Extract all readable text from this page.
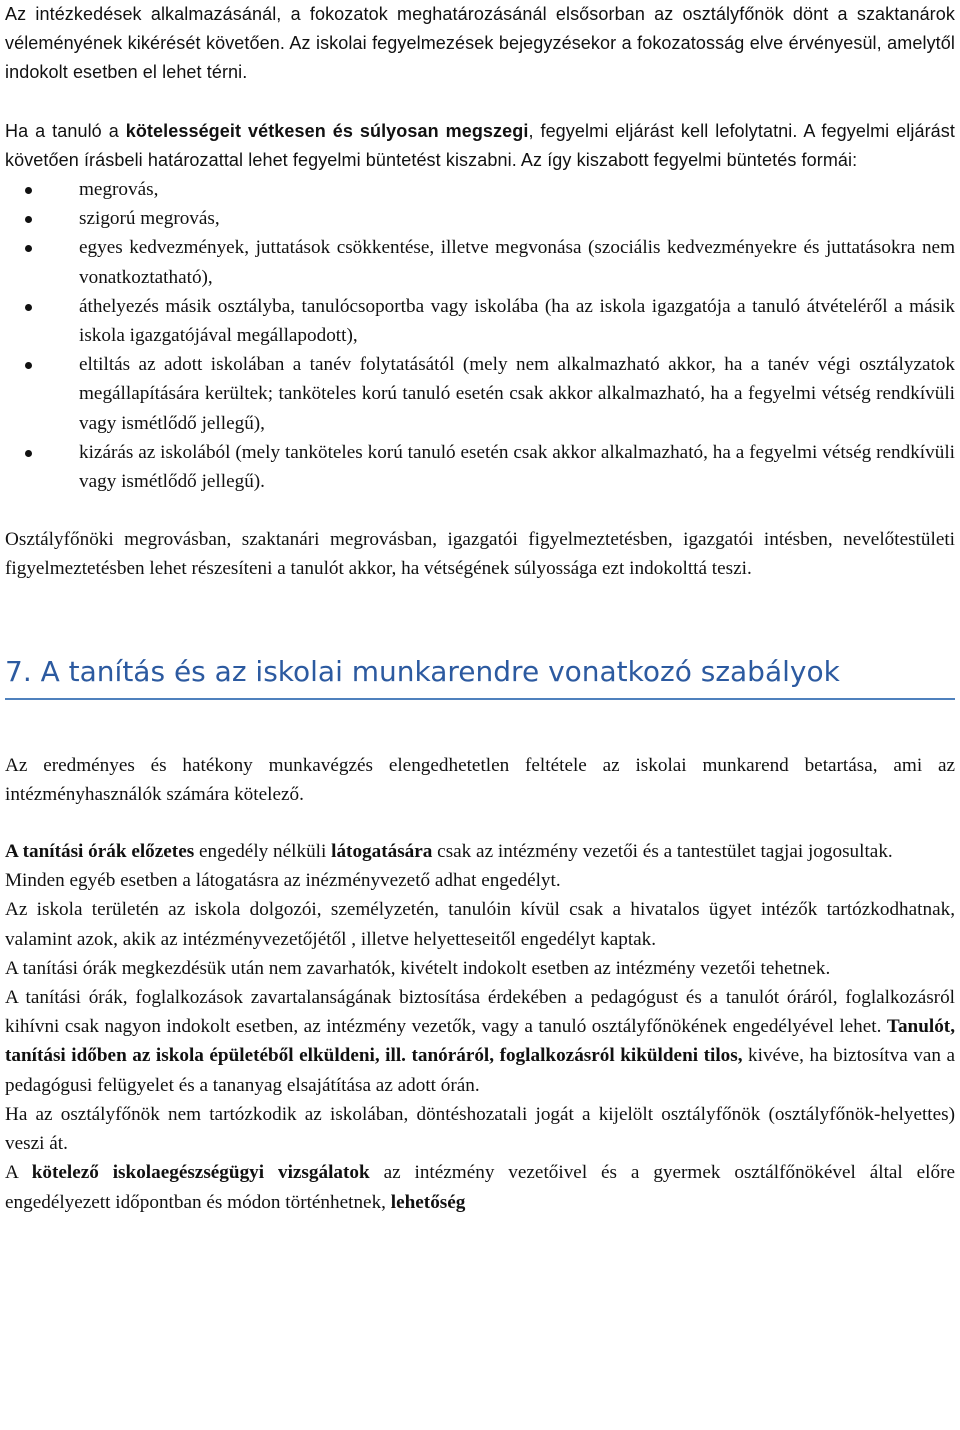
Az intézkedések alkalmazásánál, a fokozatok meghatározásánál elsősorban az osztályfőnök dönt a szaktanárok véleményének kikérését követően. Az iskolai fegyelmezések bejegyzésekor a fokozatosság elve érvényesül, amelytől indokolt esetben el lehet térni.

Ha a tanuló a kötelességeit vétkesen és súlyosan megszegi, fegyelmi eljárást kell lefolytatni. A fegyelmi eljárást követően írásbeli határozattal lehet fegyelmi büntetést kiszabni. Az így kiszabott fegyelmi büntetés formái:

megrovás,
szigorú megrovás,
egyes kedvezmények, juttatások csökkentése, illetve megvonása (szociális kedvezményekre és juttatásokra nem vonatkoztatható),
áthelyezés másik osztályba, tanulócsoportba vagy iskolába (ha az iskola igazgatója a tanuló átvételéről a másik iskola igazgatójával megállapodott),
eltiltás az adott iskolában a tanév folytatásától (mely nem alkalmazható akkor, ha a tanév végi osztályzatok megállapítására kerültek; tanköteles korú tanuló esetén csak akkor alkalmazható, ha a fegyelmi vétség rendkívüli vagy ismétlődő jellegű),
kizárás az iskolából (mely tanköteles korú tanuló esetén csak akkor alkalmazható, ha a fegyelmi vétség rendkívüli vagy ismétlődő jellegű).

Osztályfőnöki megrovásban, szaktanári megrovásban, igazgatói figyelmeztetésben, igazgatói intésben, nevelőtestületi figyelmeztetésben lehet részesíteni a tanulót akkor, ha vétségének súlyossága ezt indokolttá teszi.

7. A tanítás és az iskolai munkarendre vonatkozó szabályok

Az eredményes és hatékony munkavégzés elengedhetetlen feltétele az iskolai munkarend betartása, ami az intézményhasználók számára kötelező.

A tanítási órák előzetes engedély nélküli látogatására csak az intézmény vezetői és a tantestület tagjai jogosultak.

Minden egyéb esetben a látogatásra az inézményvezető adhat engedélyt.

Az iskola területén az iskola dolgozói, személyzetén, tanulóin kívül csak a hivatalos ügyet intézők tartózkodhatnak, valamint azok, akik az intézményvezetőjétől , illetve helyetteseitől engedélyt kaptak.

A tanítási órák megkezdésük után nem zavarhatók, kivételt indokolt esetben az intézmény vezetői tehetnek.

A tanítási órák, foglalkozások zavartalanságának biztosítása érdekében a pedagógust és a tanulót óráról, foglalkozásról kihívni csak nagyon indokolt esetben, az intézmény vezetők, vagy a tanuló osztályfőnökének engedélyével lehet. Tanulót, tanítási időben az iskola épületéből elküldeni, ill. tanóráról, foglalkozásról kiküldeni tilos, kivéve, ha biztosítva van a pedagógusi felügyelet és a tananyag elsajátítása az adott órán.

Ha az osztályfőnök nem tartózkodik az iskolában, döntéshozatali jogát a kijelölt osztályfőnök (osztályfőnök-helyettes) veszi át.

A kötelező iskolaegészségügyi vizsgálatok az intézmény vezetőivel és a gyermek osztálfőnökével által előre engedélyezett időpontban és módon történhetnek, lehetőség
